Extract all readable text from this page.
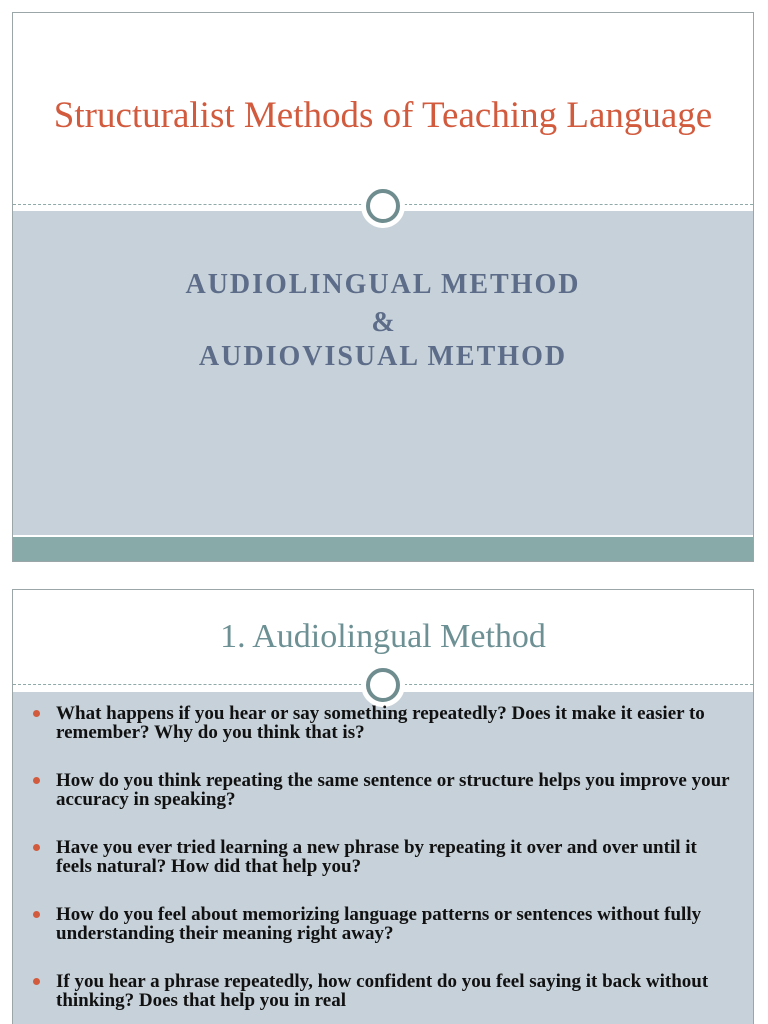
Structuralist Methods of Teaching Language
AUDIOLINGUAL METHOD
&
AUDIOVISUAL METHOD
1. Audiolingual Method
What happens if you hear or say something repeatedly? Does it make it easier to remember? Why do you think that is?
How do you think repeating the same sentence or structure helps you improve your accuracy in speaking?
Have you ever tried learning a new phrase by repeating it over and over until it feels natural? How did that help you?
How do you feel about memorizing language patterns or sentences without fully understanding their meaning right away?
If you hear a phrase repeatedly, how confident do you feel saying it back without thinking? Does that help you in real
